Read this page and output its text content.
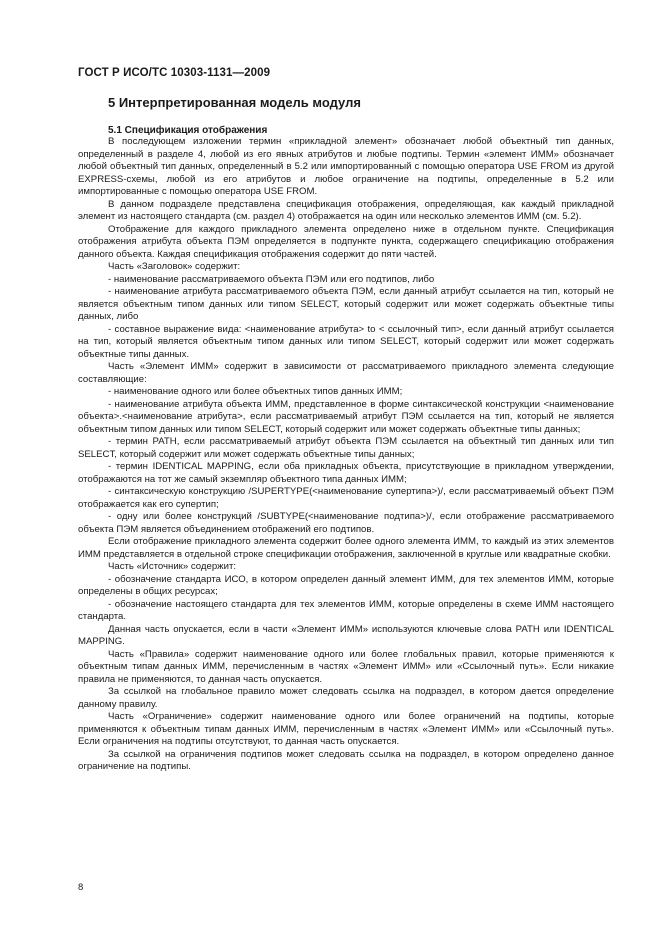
ГОСТ Р ИСО/ТС 10303-1131—2009
5 Интерпретированная модель модуля
5.1 Спецификация отображения

В последующем изложении термин «прикладной элемент» обозначает любой объектный тип данных, определенный в разделе 4, любой из его явных атрибутов и любые подтипы. Термин «элемент ИММ» обозначает любой объектный тип данных, определенный в 5.2 или импортированный с помощью оператора USE FROM из другой EXPRESS-схемы, любой из его атрибутов и любое ограничение на подтипы, определенные в 5.2 или импортированные с помощью оператора USE FROM.

В данном подразделе представлена спецификация отображения, определяющая, как каждый прикладной элемент из настоящего стандарта (см. раздел 4) отображается на один или несколько элементов ИММ (см. 5.2).

Отображение для каждого прикладного элемента определено ниже в отдельном пункте. Спецификация отображения атрибута объекта ПЭМ определяется в подпункте пункта, содержащего спецификацию отображения данного объекта. Каждая спецификация отображения содержит до пяти частей.

Часть «Заголовок» содержит:

- наименование рассматриваемого объекта ПЭМ или его подтипов, либо

- наименование атрибута рассматриваемого объекта ПЭМ, если данный атрибут ссылается на тип, который не является объектным типом данных или типом SELECT, который содержит или может содержать объектные типы данных, либо

- составное выражение вида: <наименование атрибута> to < ссылочный тип>, если данный атрибут ссылается на тип, который является объектным типом данных или типом SELECT, который содержит или может содержать объектные типы данных.

Часть «Элемент ИММ» содержит в зависимости от рассматриваемого прикладного элемента следующие составляющие:

- наименование одного или более объектных типов данных ИММ;

- наименование атрибута объекта ИММ, представленное в форме синтаксической конструкции <наименование объекта>.<наименование атрибута>, если рассматриваемый атрибут ПЭМ ссылается на тип, который не является объектным типом данных или типом SELECT, который содержит или может содержать объектные типы данных;

- термин PATH, если рассматриваемый атрибут объекта ПЭМ ссылается на объектный тип данных или тип SELECT, который содержит или может содержать объектные типы данных;

- термин IDENTICAL MAPPING, если оба прикладных объекта, присутствующие в прикладном утверждении, отображаются на тот же самый экземпляр объектного типа данных ИММ;

- синтаксическую конструкцию /SUPERTYPE(<наименование супертипа>)/, если рассматриваемый объект ПЭМ отображается как его супертип;

- одну или более конструкций /SUBTYPE(<наименование подтипа>)/, если отображение рассматриваемого объекта ПЭМ является объединением отображений его подтипов.

Если отображение прикладного элемента содержит более одного элемента ИММ, то каждый из этих элементов ИММ представляется в отдельной строке спецификации отображения, заключенной в круглые или квадратные скобки.

Часть «Источник» содержит:

- обозначение стандарта ИСО, в котором определен данный элемент ИММ, для тех элементов ИММ, которые определены в общих ресурсах;

- обозначение настоящего стандарта для тех элементов ИММ, которые определены в схеме ИММ настоящего стандарта.

Данная часть опускается, если в части «Элемент ИММ» используются ключевые слова PATH или IDENTICAL MAPPING.

Часть «Правила» содержит наименование одного или более глобальных правил, которые применяются к объектным типам данных ИММ, перечисленным в частях «Элемент ИММ» или «Ссылочный путь». Если никакие правила не применяются, то данная часть опускается.

За ссылкой на глобальное правило может следовать ссылка на подраздел, в котором дается определение данному правилу.

Часть «Ограничение» содержит наименование одного или более ограничений на подтипы, которые применяются к объектным типам данных ИММ, перечисленным в частях «Элемент ИММ» или «Ссылочный путь». Если ограничения на подтипы отсутствуют, то данная часть опускается.

За ссылкой на ограничения подтипов может следовать ссылка на подраздел, в котором определено данное ограничение на подтипы.

8
